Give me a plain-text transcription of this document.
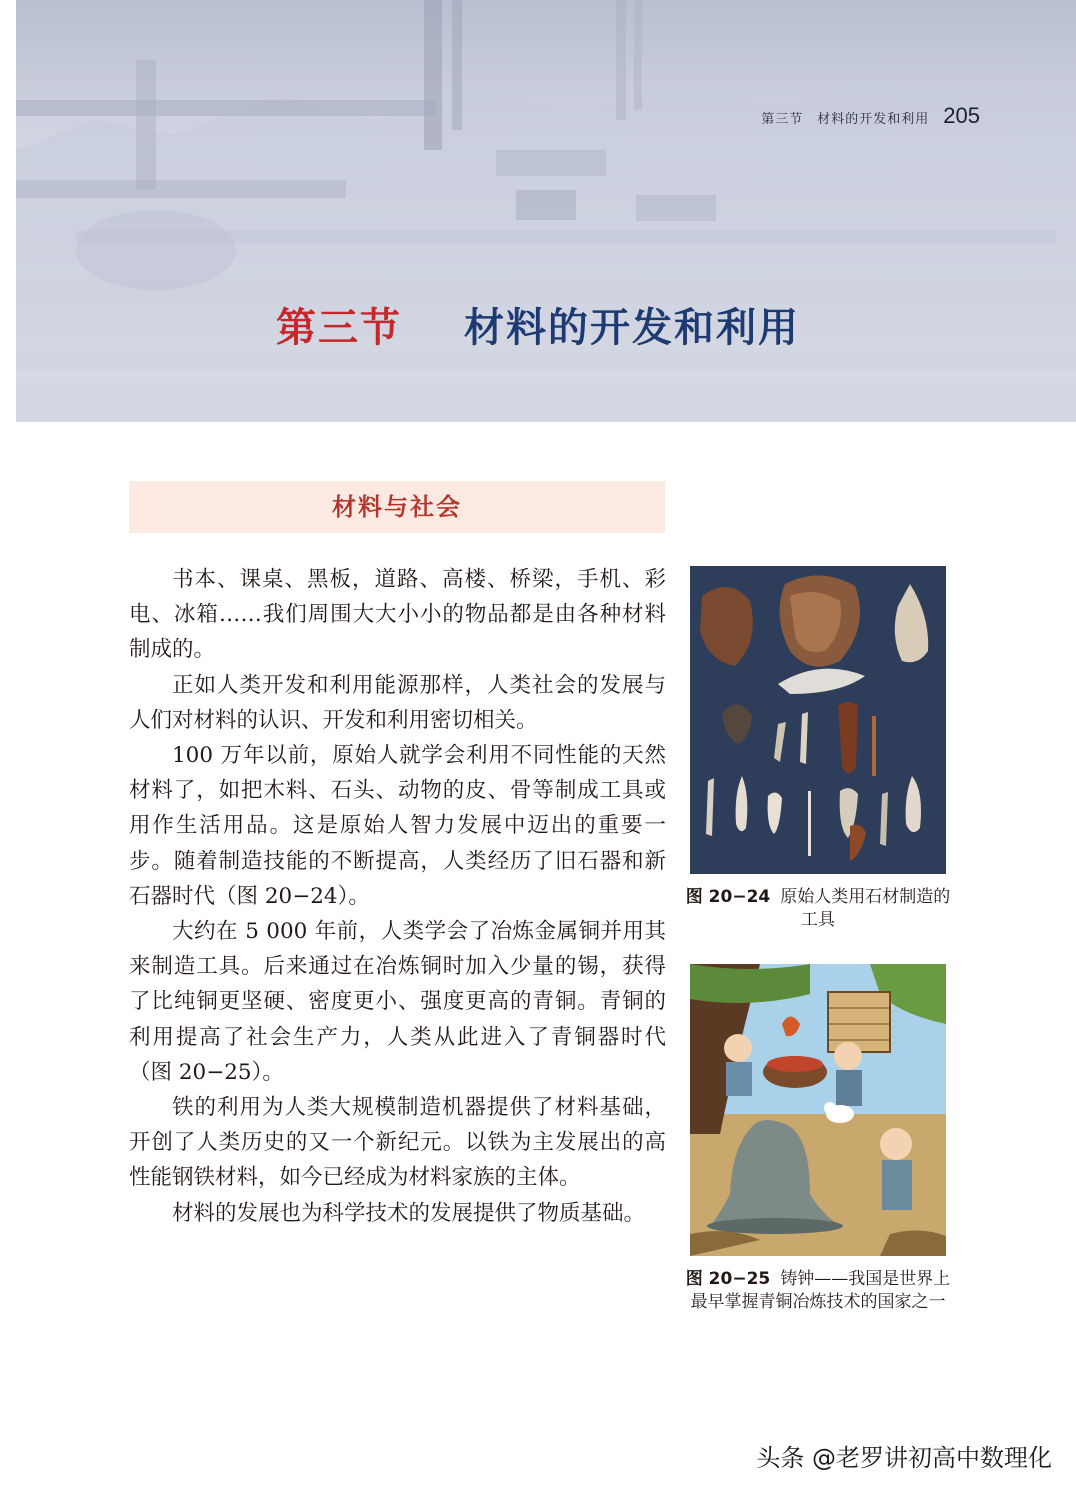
第三节　材料的开发和利用 205
第三节 材料的开发和利用
材料与社会

书本、课桌、黑板，道路、高楼、桥梁，手机、彩电、冰箱……我们周围大大小小的物品都是由各种材料制成的。

正如人类开发和利用能源那样，人类社会的发展与人们对材料的认识、开发和利用密切相关。

100 万年以前，原始人就学会利用不同性能的天然材料了，如把木料、石头、动物的皮、骨等制成工具或用作生活用品。这是原始人智力发展中迈出的重要一步。随着制造技能的不断提高，人类经历了旧石器和新石器时代（图 20−24）。

大约在 5 000 年前，人类学会了冶炼金属铜并用其来制造工具。后来通过在冶炼铜时加入少量的锡，获得了比纯铜更坚硬、密度更小、强度更高的青铜。青铜的利用提高了社会生产力，人类从此进入了青铜器时代（图 20−25）。

铁的利用为人类大规模制造机器提供了材料基础，开创了人类历史的又一个新纪元。以铁为主发展出的高性能钢铁材料，如今已经成为材料家族的主体。

材料的发展也为科学技术的发展提供了物质基础。

图 20−24 原始人类用石材制造的工具
图 20−25 铸钟——我国是世界上最早掌握青铜冶炼技术的国家之一
头条 @老罗讲初高中数理化
